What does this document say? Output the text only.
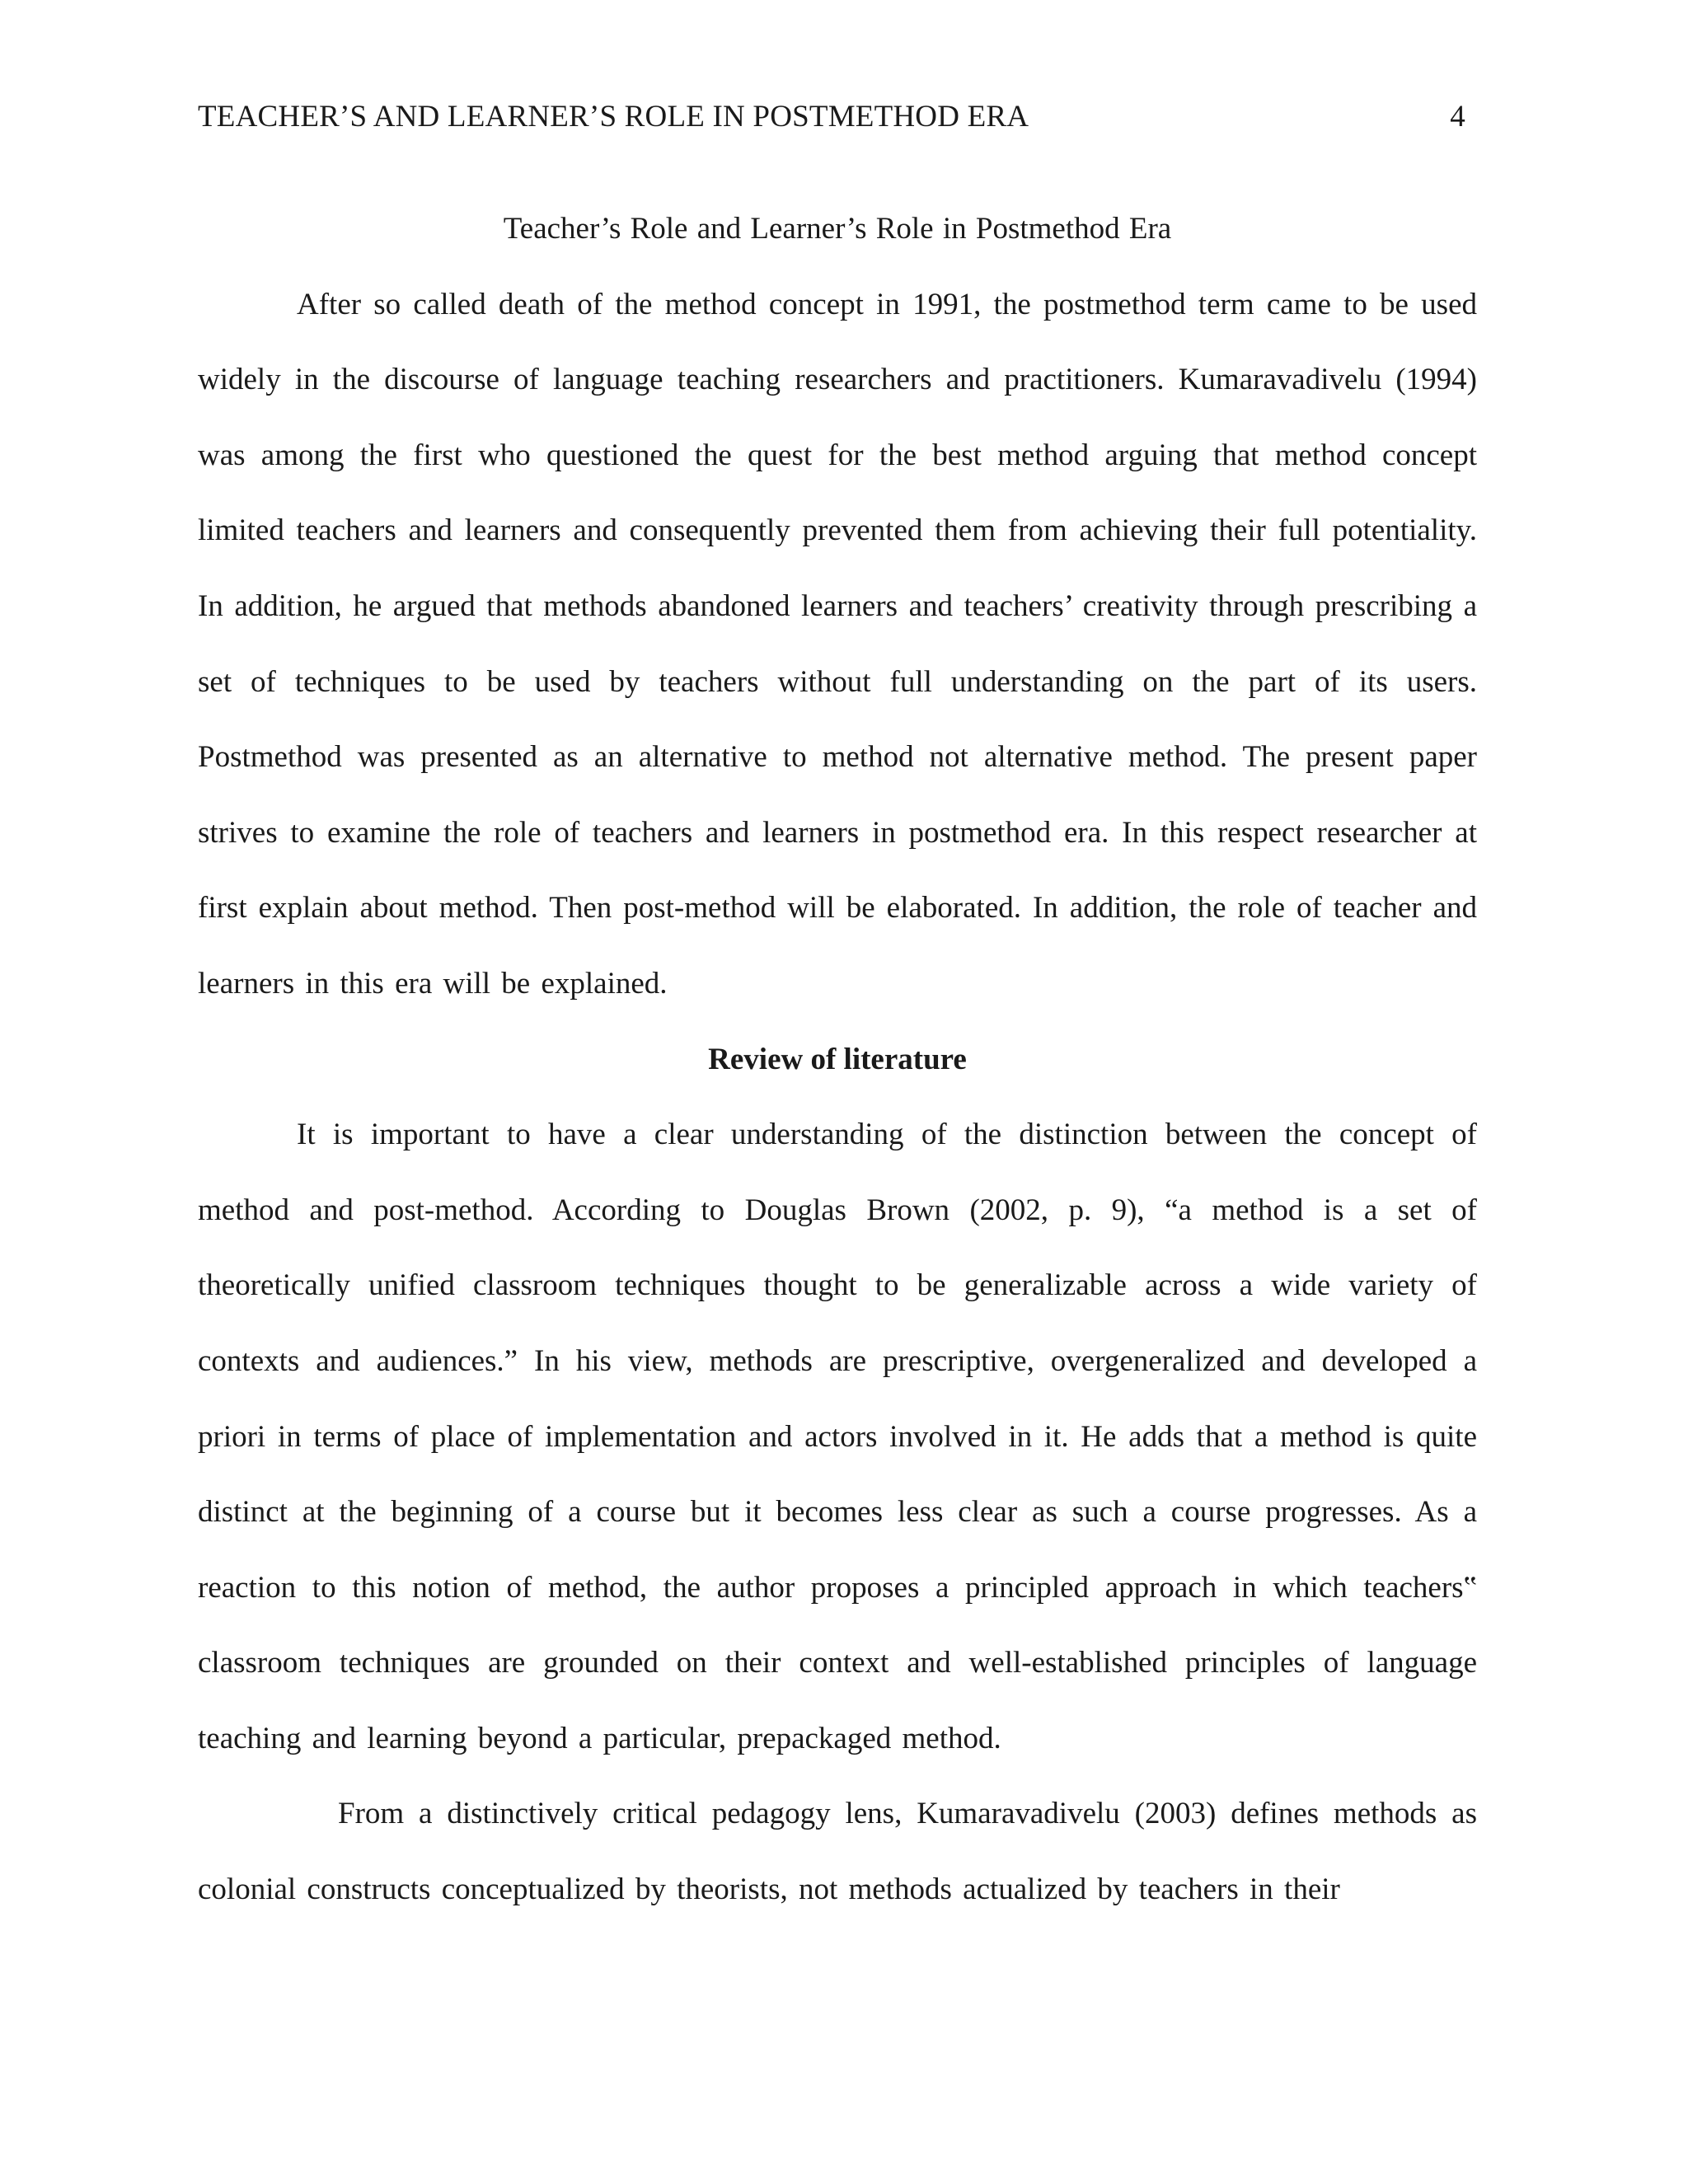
TEACHER’S AND LEARNER’S ROLE IN POSTMETHOD ERA	4
Teacher’s Role and Learner’s Role in Postmethod Era

After so called death of the method concept in 1991, the postmethod term came to be used widely in the discourse of language teaching researchers and practitioners. Kumaravadivelu (1994) was among the first who questioned the quest for the best method arguing that method concept limited teachers and learners and consequently prevented them from achieving their full potentiality. In addition, he argued that methods abandoned learners and teachers’ creativity through prescribing a set of techniques to be used by teachers without full understanding on the part of its users. Postmethod was presented as an alternative to method not alternative method. The present paper strives to examine the role of teachers and learners in postmethod era. In this respect researcher at first explain about method. Then post-method will be elaborated. In addition, the role of teacher and learners in this era will be explained.

Review of literature

It is important to have a clear understanding of the distinction between the concept of method and post-method. According to Douglas Brown (2002, p. 9), “a method is a set of theoretically unified classroom techniques thought to be generalizable across a wide variety of contexts and audiences.” In his view, methods are prescriptive, overgeneralized and developed a priori in terms of place of implementation and actors involved in it. He adds that a method is quite distinct at the beginning of a course but it becomes less clear as such a course progresses. As a reaction to this notion of method, the author proposes a principled approach in which teachers‟ classroom techniques are grounded on their context and well-established principles of language teaching and learning beyond a particular, prepackaged method.

From a distinctively critical pedagogy lens, Kumaravadivelu (2003) defines methods as colonial constructs conceptualized by theorists, not methods actualized by teachers in their
